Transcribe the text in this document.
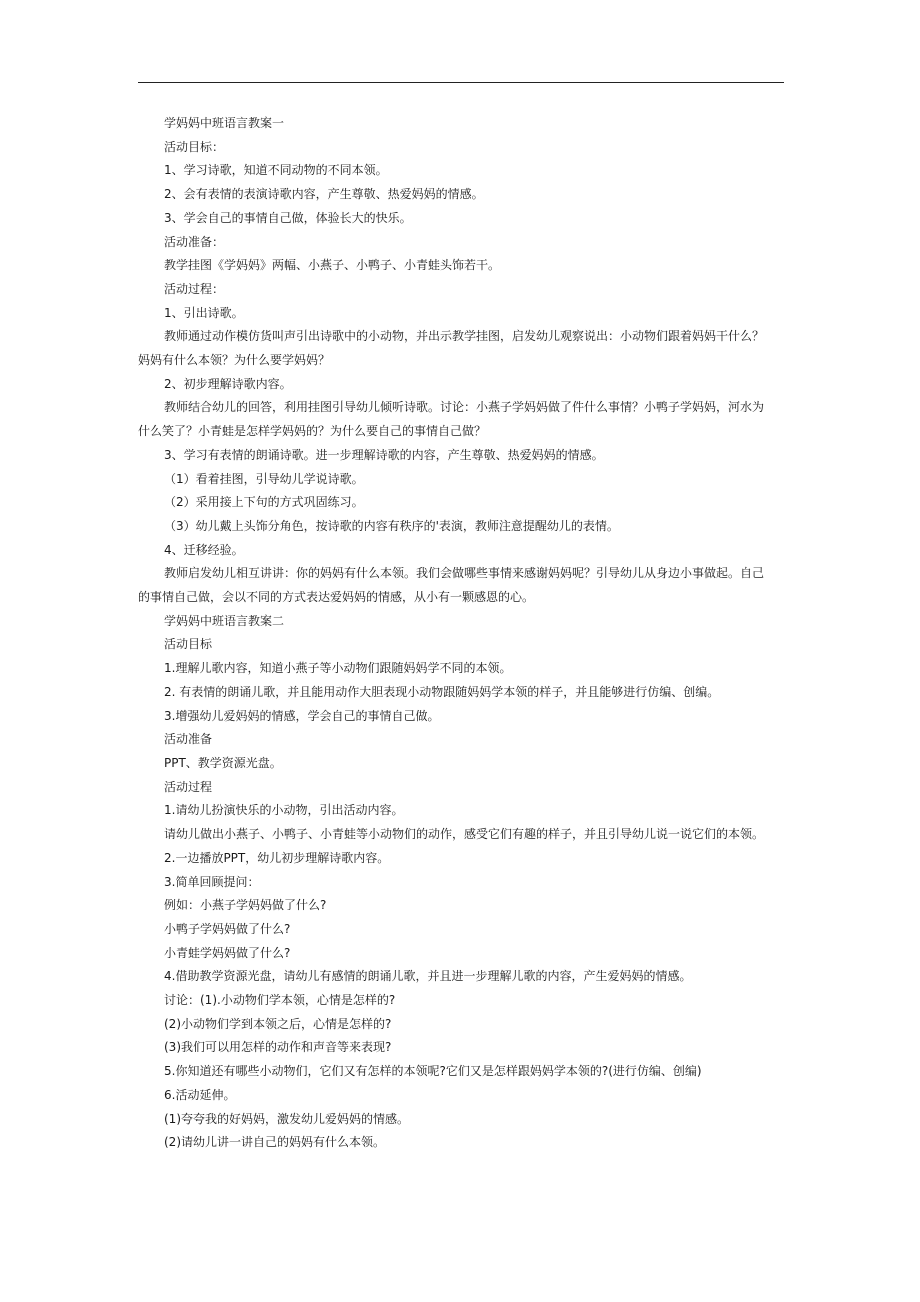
学妈妈中班语言教案一

活动目标：

1、学习诗歌，知道不同动物的不同本领。

2、会有表情的表演诗歌内容，产生尊敬、热爱妈妈的情感。

3、学会自己的事情自己做，体验长大的快乐。

活动准备：

教学挂图《学妈妈》两幅、小燕子、小鸭子、小青蛙头饰若干。

活动过程：

1、引出诗歌。

教师通过动作模仿货叫声引出诗歌中的小动物，并出示教学挂图，启发幼儿观察说出：小动物们跟着妈妈干什么？

妈妈有什么本领？为什么要学妈妈？

2、初步理解诗歌内容。

教师结合幼儿的回答，利用挂图引导幼儿倾听诗歌。讨论：小燕子学妈妈做了件什么事情？小鸭子学妈妈，河水为

什么笑了？小青蛙是怎样学妈妈的？为什么要自己的事情自己做？

3、学习有表情的朗诵诗歌。进一步理解诗歌的内容，产生尊敬、热爱妈妈的情感。

（1）看着挂图，引导幼儿学说诗歌。

（2）采用接上下句的方式巩固练习。

（3）幼儿戴上头饰分角色，按诗歌的内容有秩序的'表演，教师注意提醒幼儿的表情。

4、迁移经验。

教师启发幼儿相互讲讲：你的妈妈有什么本领。我们会做哪些事情来感谢妈妈呢？引导幼儿从身边小事做起。自己

的事情自己做，会以不同的方式表达爱妈妈的情感，从小有一颗感恩的心。

学妈妈中班语言教案二

活动目标

1.理解儿歌内容，知道小燕子等小动物们跟随妈妈学不同的本领。

2. 有表情的朗诵儿歌，并且能用动作大胆表现小动物跟随妈妈学本领的样子，并且能够进行仿编、创编。

3.增强幼儿爱妈妈的情感，学会自己的事情自己做。

活动准备

PPT、教学资源光盘。

活动过程

1.请幼儿扮演快乐的小动物，引出活动内容。

请幼儿做出小燕子、小鸭子、小青蛙等小动物们的动作，感受它们有趣的样子，并且引导幼儿说一说它们的本领。

2.一边播放PPT，幼儿初步理解诗歌内容。

3.简单回顾提问：

例如：小燕子学妈妈做了什么?

小鸭子学妈妈做了什么?

小青蛙学妈妈做了什么?

4.借助教学资源光盘，请幼儿有感情的朗诵儿歌，并且进一步理解儿歌的内容，产生爱妈妈的情感。

讨论：(1).小动物们学本领，心情是怎样的?

(2)小动物们学到本领之后，心情是怎样的?

(3)我们可以用怎样的动作和声音等来表现?

5.你知道还有哪些小动物们，它们又有怎样的本领呢?它们又是怎样跟妈妈学本领的?(进行仿编、创编)

6.活动延伸。

(1)夸夸我的好妈妈，激发幼儿爱妈妈的情感。

(2)请幼儿讲一讲自己的妈妈有什么本领。
